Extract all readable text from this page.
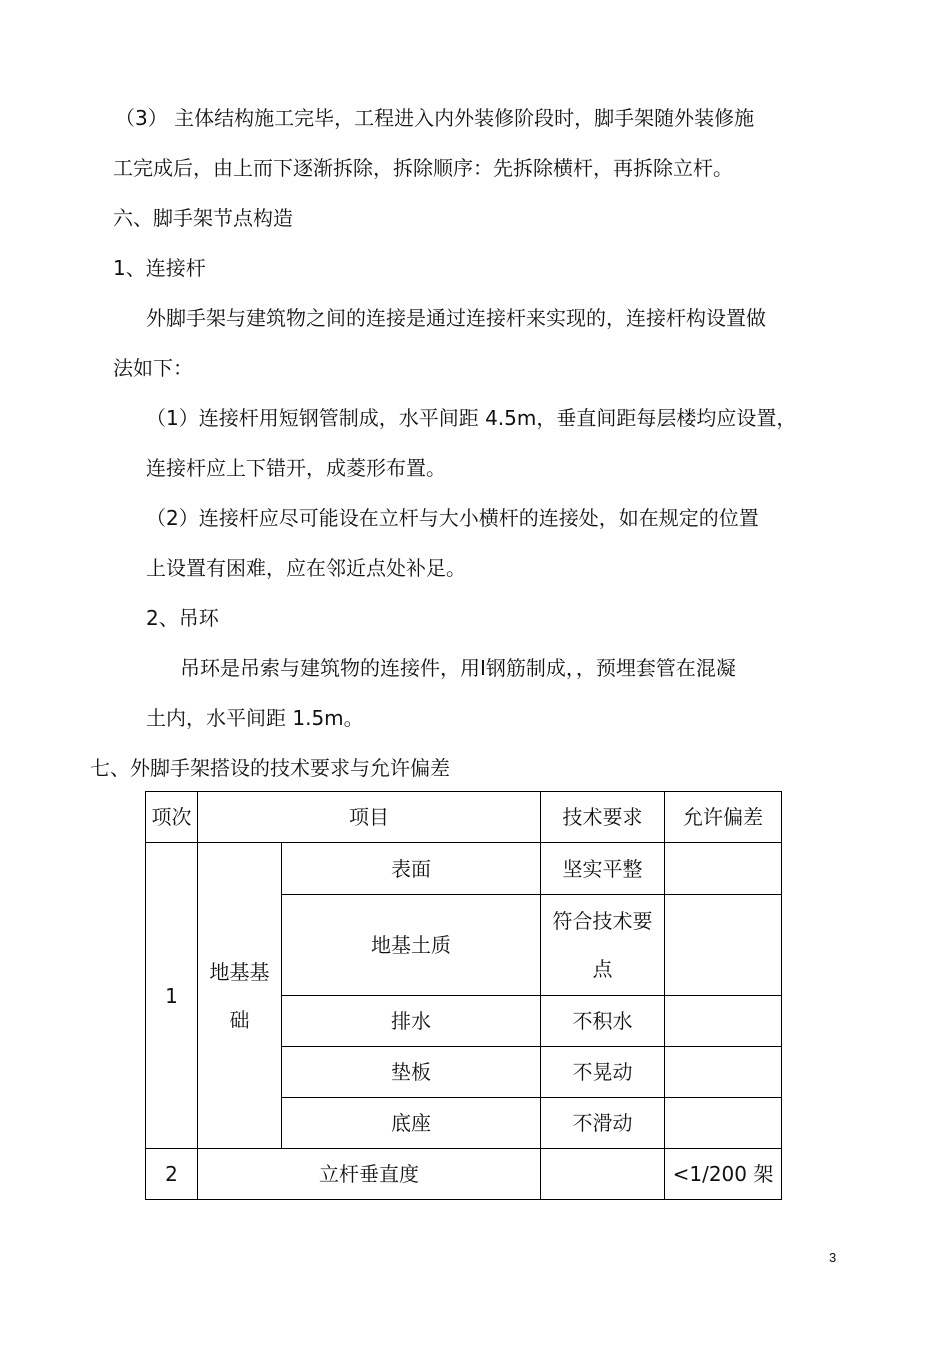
（3） 主体结构施工完毕，工程进入内外装修阶段时，脚手架随外装修施
工完成后，由上而下逐渐拆除，拆除顺序：先拆除横杆，再拆除立杆。
六、脚手架节点构造
1、连接杆
外脚手架与建筑物之间的连接是通过连接杆来实现的，连接杆构设置做
法如下：
（1）连接杆用短钢管制成，水平间距 4.5m，垂直间距每层楼均应设置，
连接杆应上下错开，成菱形布置。
（2）连接杆应尽可能设在立杆与大小横杆的连接处，如在规定的位置
上设置有困难，应在邻近点处补足。
2、吊环
吊环是吊索与建筑物的连接件，用Ⅰ钢筋制成，，预埋套管在混凝
土内，水平间距 1.5m。
七、外脚手架搭设的技术要求与允许偏差
项次	项目		技术要求	允许偏差
1	地基基础	表面	坚实平整	
		地基土质	符合技术要点	
		排水	不积水	
		垫板	不晃动	
		底座	不滑动	

2	立杆垂直度			<1/200 架
3
